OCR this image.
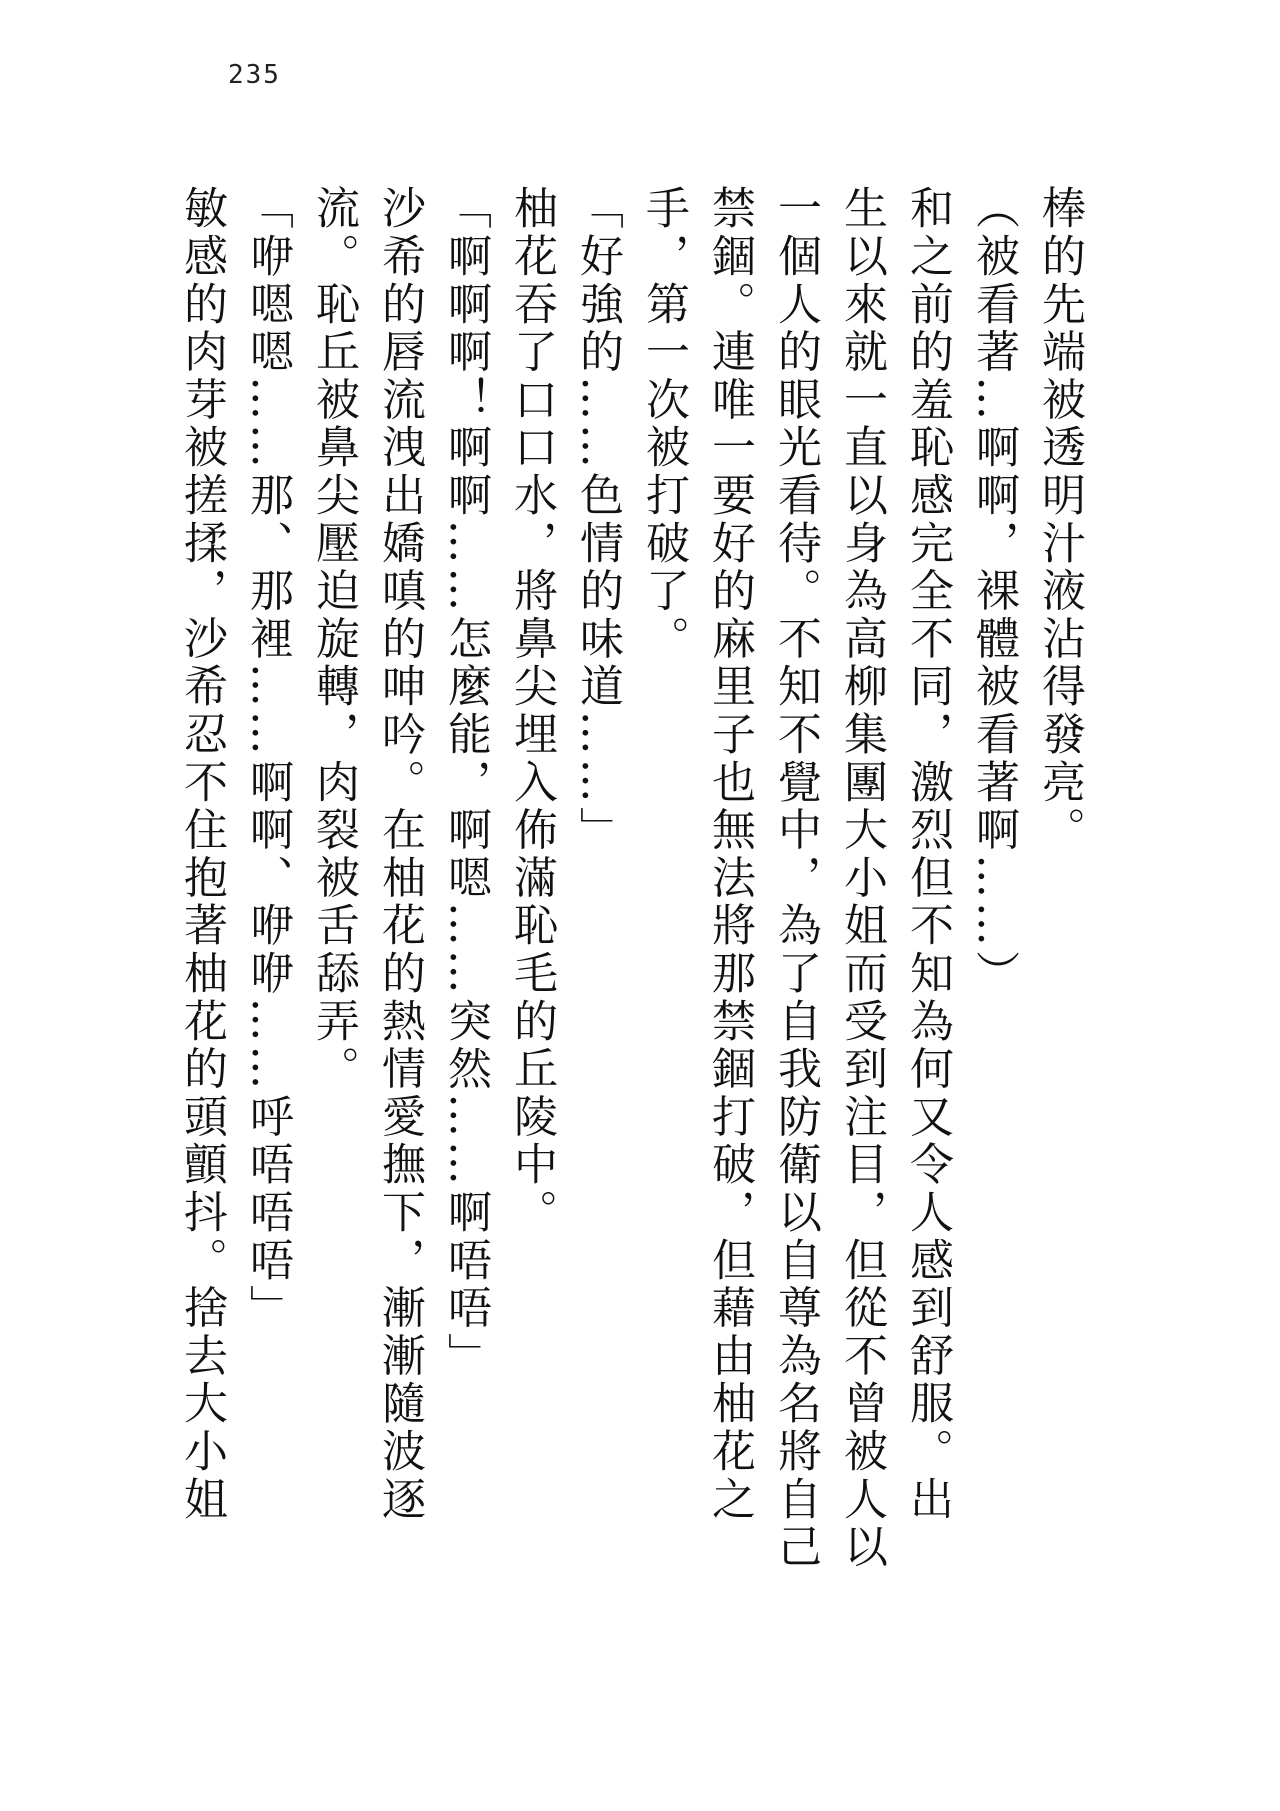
235
棒的先端被透明汁液沾得發亮。
（被看著…啊啊，裸體被看著啊……）
和之前的羞恥感完全不同，激烈但不知為何又令人感到舒服。出
生以來就一直以身為高柳集團大小姐而受到注目，但從不曾被人以
一個人的眼光看待。不知不覺中，為了自我防衛以自尊為名將自己
禁錮。連唯一要好的麻里子也無法將那禁錮打破，但藉由柚花之
手，第一次被打破了。
「好強的……色情的味道……」
柚花吞了口口水，將鼻尖埋入佈滿恥毛的丘陵中。
「啊啊啊！啊啊……怎麼能，啊嗯……突然……啊唔唔」
沙希的唇流洩出嬌嗔的呻吟。在柚花的熱情愛撫下，漸漸隨波逐
流。恥丘被鼻尖壓迫旋轉，肉裂被舌舔弄。
「咿嗯嗯……那、那裡……啊啊、咿咿……呼唔唔唔」
敏感的肉芽被搓揉，沙希忍不住抱著柚花的頭顫抖。捨去大小姐
